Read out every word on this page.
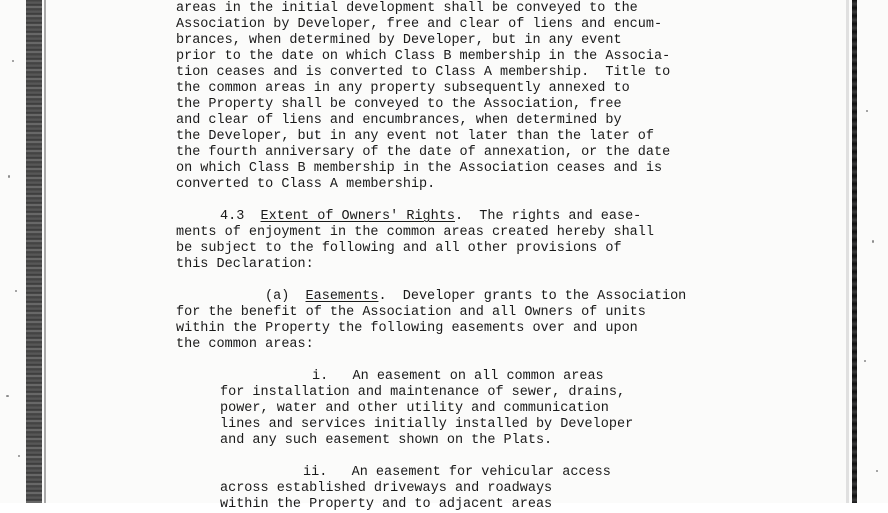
areas in the initial development shall be conveyed to the
Association by Developer, free and clear of liens and encum-
brances, when determined by Developer, but in any event
prior to the date on which Class B membership in the Associa-
tion ceases and is converted to Class A membership.  Title to
the common areas in any property subsequently annexed to
the Property shall be conveyed to the Association, free
and clear of liens and encumbrances, when determined by
the Developer, but in any event not later than the later of
the fourth anniversary of the date of annexation, or the date
on which Class B membership in the Association ceases and is
converted to Class A membership.
4.3 Extent of Owners' Rights.  The rights and ease-
ments of enjoyment in the common areas created hereby shall
be subject to the following and all other provisions of
this Declaration:
(a) Easements.  Developer grants to the Association
for the benefit of the Association and all Owners of units
within the Property the following easements over and upon
the common areas:
i. An easement on all common areas
for installation and maintenance of sewer, drains,
power, water and other utility and communication
lines and services initially installed by Developer
and any such easement shown on the Plats.
ii. An easement for vehicular access
across established driveways and roadways
within the Property and to adjacent areas
